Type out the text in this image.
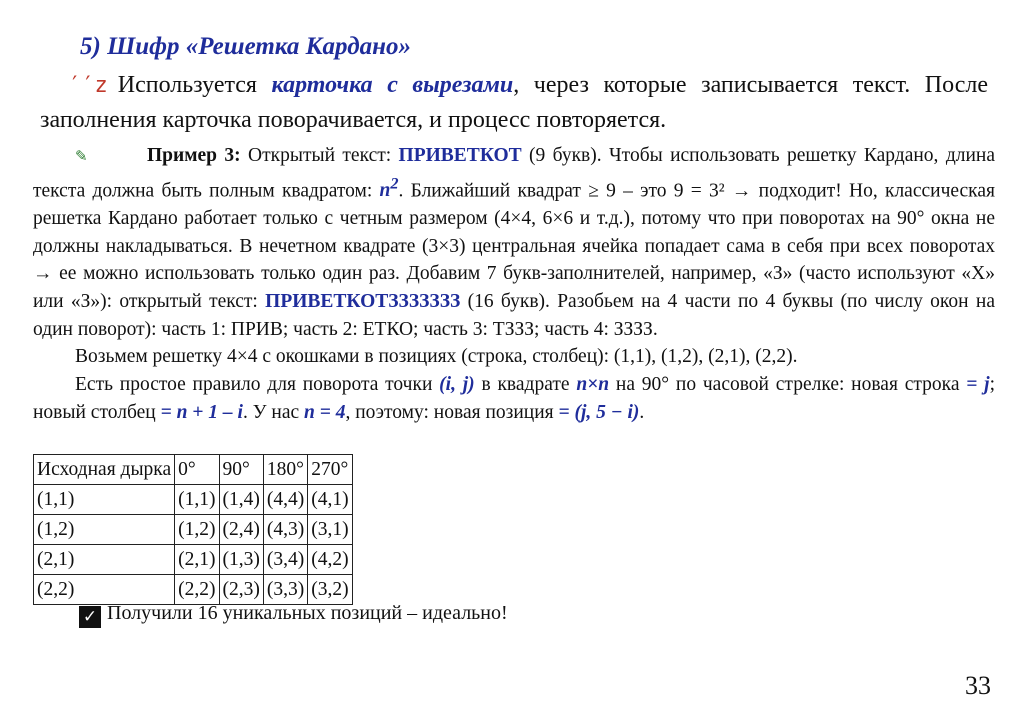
5) Шифр «Решетка Кардано»
′′z Используется карточка с вырезами, через которые записывается текст. После заполнения карточка поворачивается, и процесс повторяется.
✎	Пример 3: Открытый текст: ПРИВЕТКОТ (9 букв). Чтобы использовать решетку Кардано, длина текста должна быть полным квадратом: $n^2$. Ближайший квадрат ≥ 9 – это 9 = 3² → подходит! Но, классическая решетка Кардано работает только с четным размером (4×4, 6×6 и т.д.), потому что при поворотах на 90° окна не должны накладываться. В нечетном квадрате (3×3) центральная ячейка попадает сама в себя при всех поворотах → ее можно использовать только один раз. Добавим 7 букв-заполнителей, например, «З» (часто используют «X» или «З»): открытый текст: ПРИВЕТКОТЗЗЗЗЗЗЗ (16 букв). Разобьем на 4 части по 4 буквы (по числу окон на один поворот): часть 1: ПРИВ; часть 2: ЕТКО; часть 3: ТЗЗЗ; часть 4: ЗЗЗЗ.
Возьмем решетку 4×4 с окошками в позициях (строка, столбец): (1,1), (1,2), (2,1), (2,2).
Есть простое правило для поворота точки (i, j) в квадрате n×n на 90° по часовой стрелке: новая строка = j; новый столбец = n + 1 – i. У нас n = 4, поэтому: новая позиция = (j, 5 − i).
Исходная дырка	0°	90°	180°	270°
(1,1)	(1,1)	(1,4)	(4,4)	(4,1)
(1,2)	(1,2)	(2,4)	(4,3)	(3,1)
(2,1)	(2,1)	(1,3)	(3,4)	(4,2)
(2,2)	(2,2)	(2,3)	(3,3)	(3,2)
✓ Получили 16 уникальных позиций – идеально!
33
